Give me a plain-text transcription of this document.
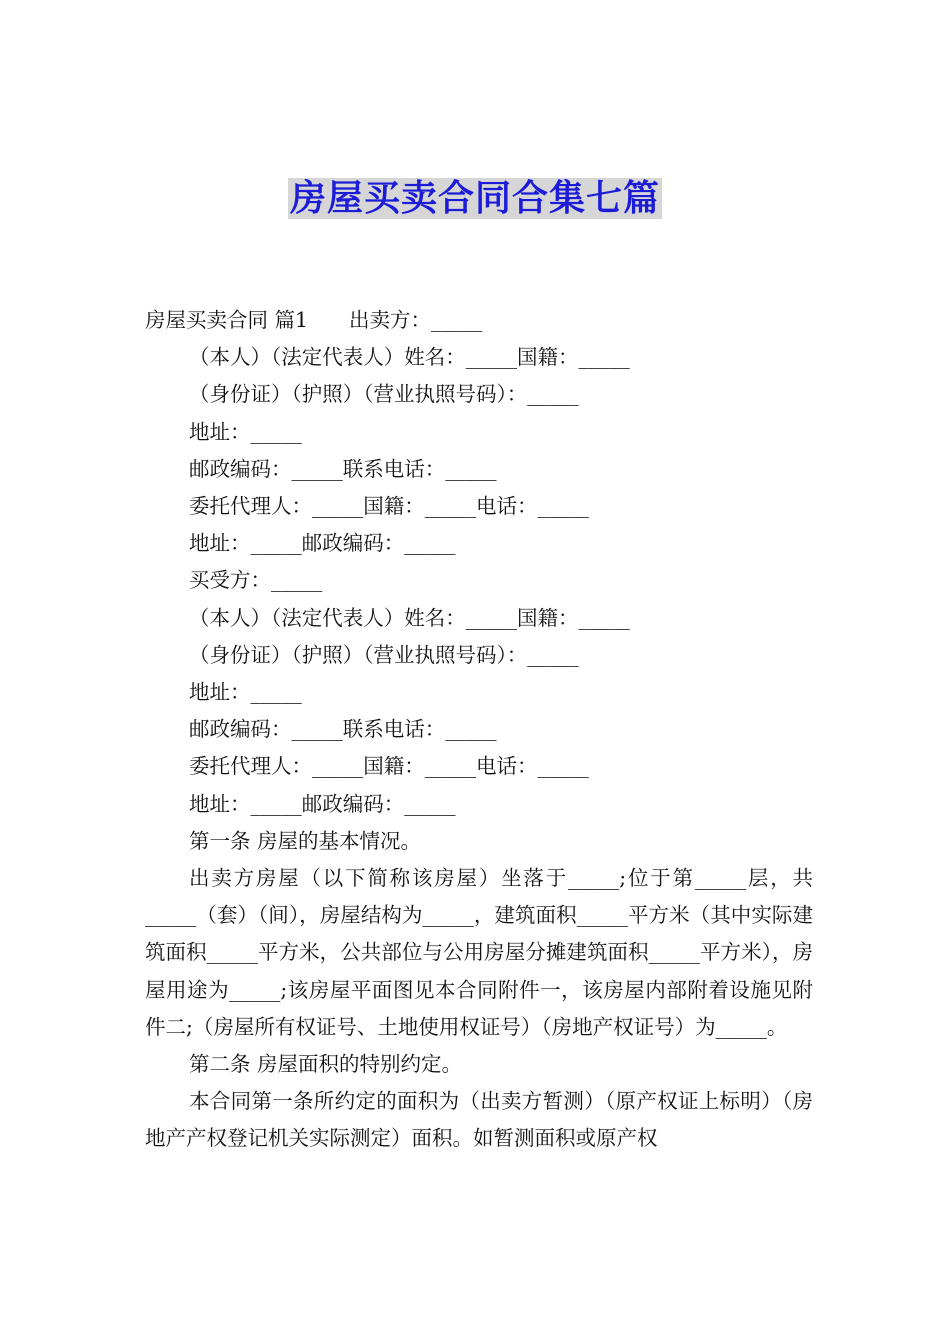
房屋买卖合同合集七篇

房屋买卖合同 篇1　　出卖方：_____

（本人）（法定代表人）姓名：_____国籍：_____

（身份证）（护照）（营业执照号码）：_____

地址：_____

邮政编码：_____联系电话：_____

委托代理人：_____国籍：_____电话：_____

地址：_____邮政编码：_____

买受方：_____

（本人）（法定代表人）姓名：_____国籍：_____

（身份证）（护照）（营业执照号码）：_____

地址：_____

邮政编码：_____联系电话：_____

委托代理人：_____国籍：_____电话：_____

地址：_____邮政编码：_____

第一条 房屋的基本情况。

出卖方房屋（以下简称该房屋）坐落于_____;位于第_____层，共_____（套）（间），房屋结构为_____，建筑面积_____平方米（其中实际建筑面积_____平方米，公共部位与公用房屋分摊建筑面积_____平方米），房屋用途为_____;该房屋平面图见本合同附件一，该房屋内部附着设施见附件二;（房屋所有权证号、土地使用权证号）（房地产权证号）为_____。

第二条 房屋面积的特别约定。

本合同第一条所约定的面积为（出卖方暂测）（原产权证上标明）（房地产产权登记机关实际测定）面积。如暂测面积或原产权
